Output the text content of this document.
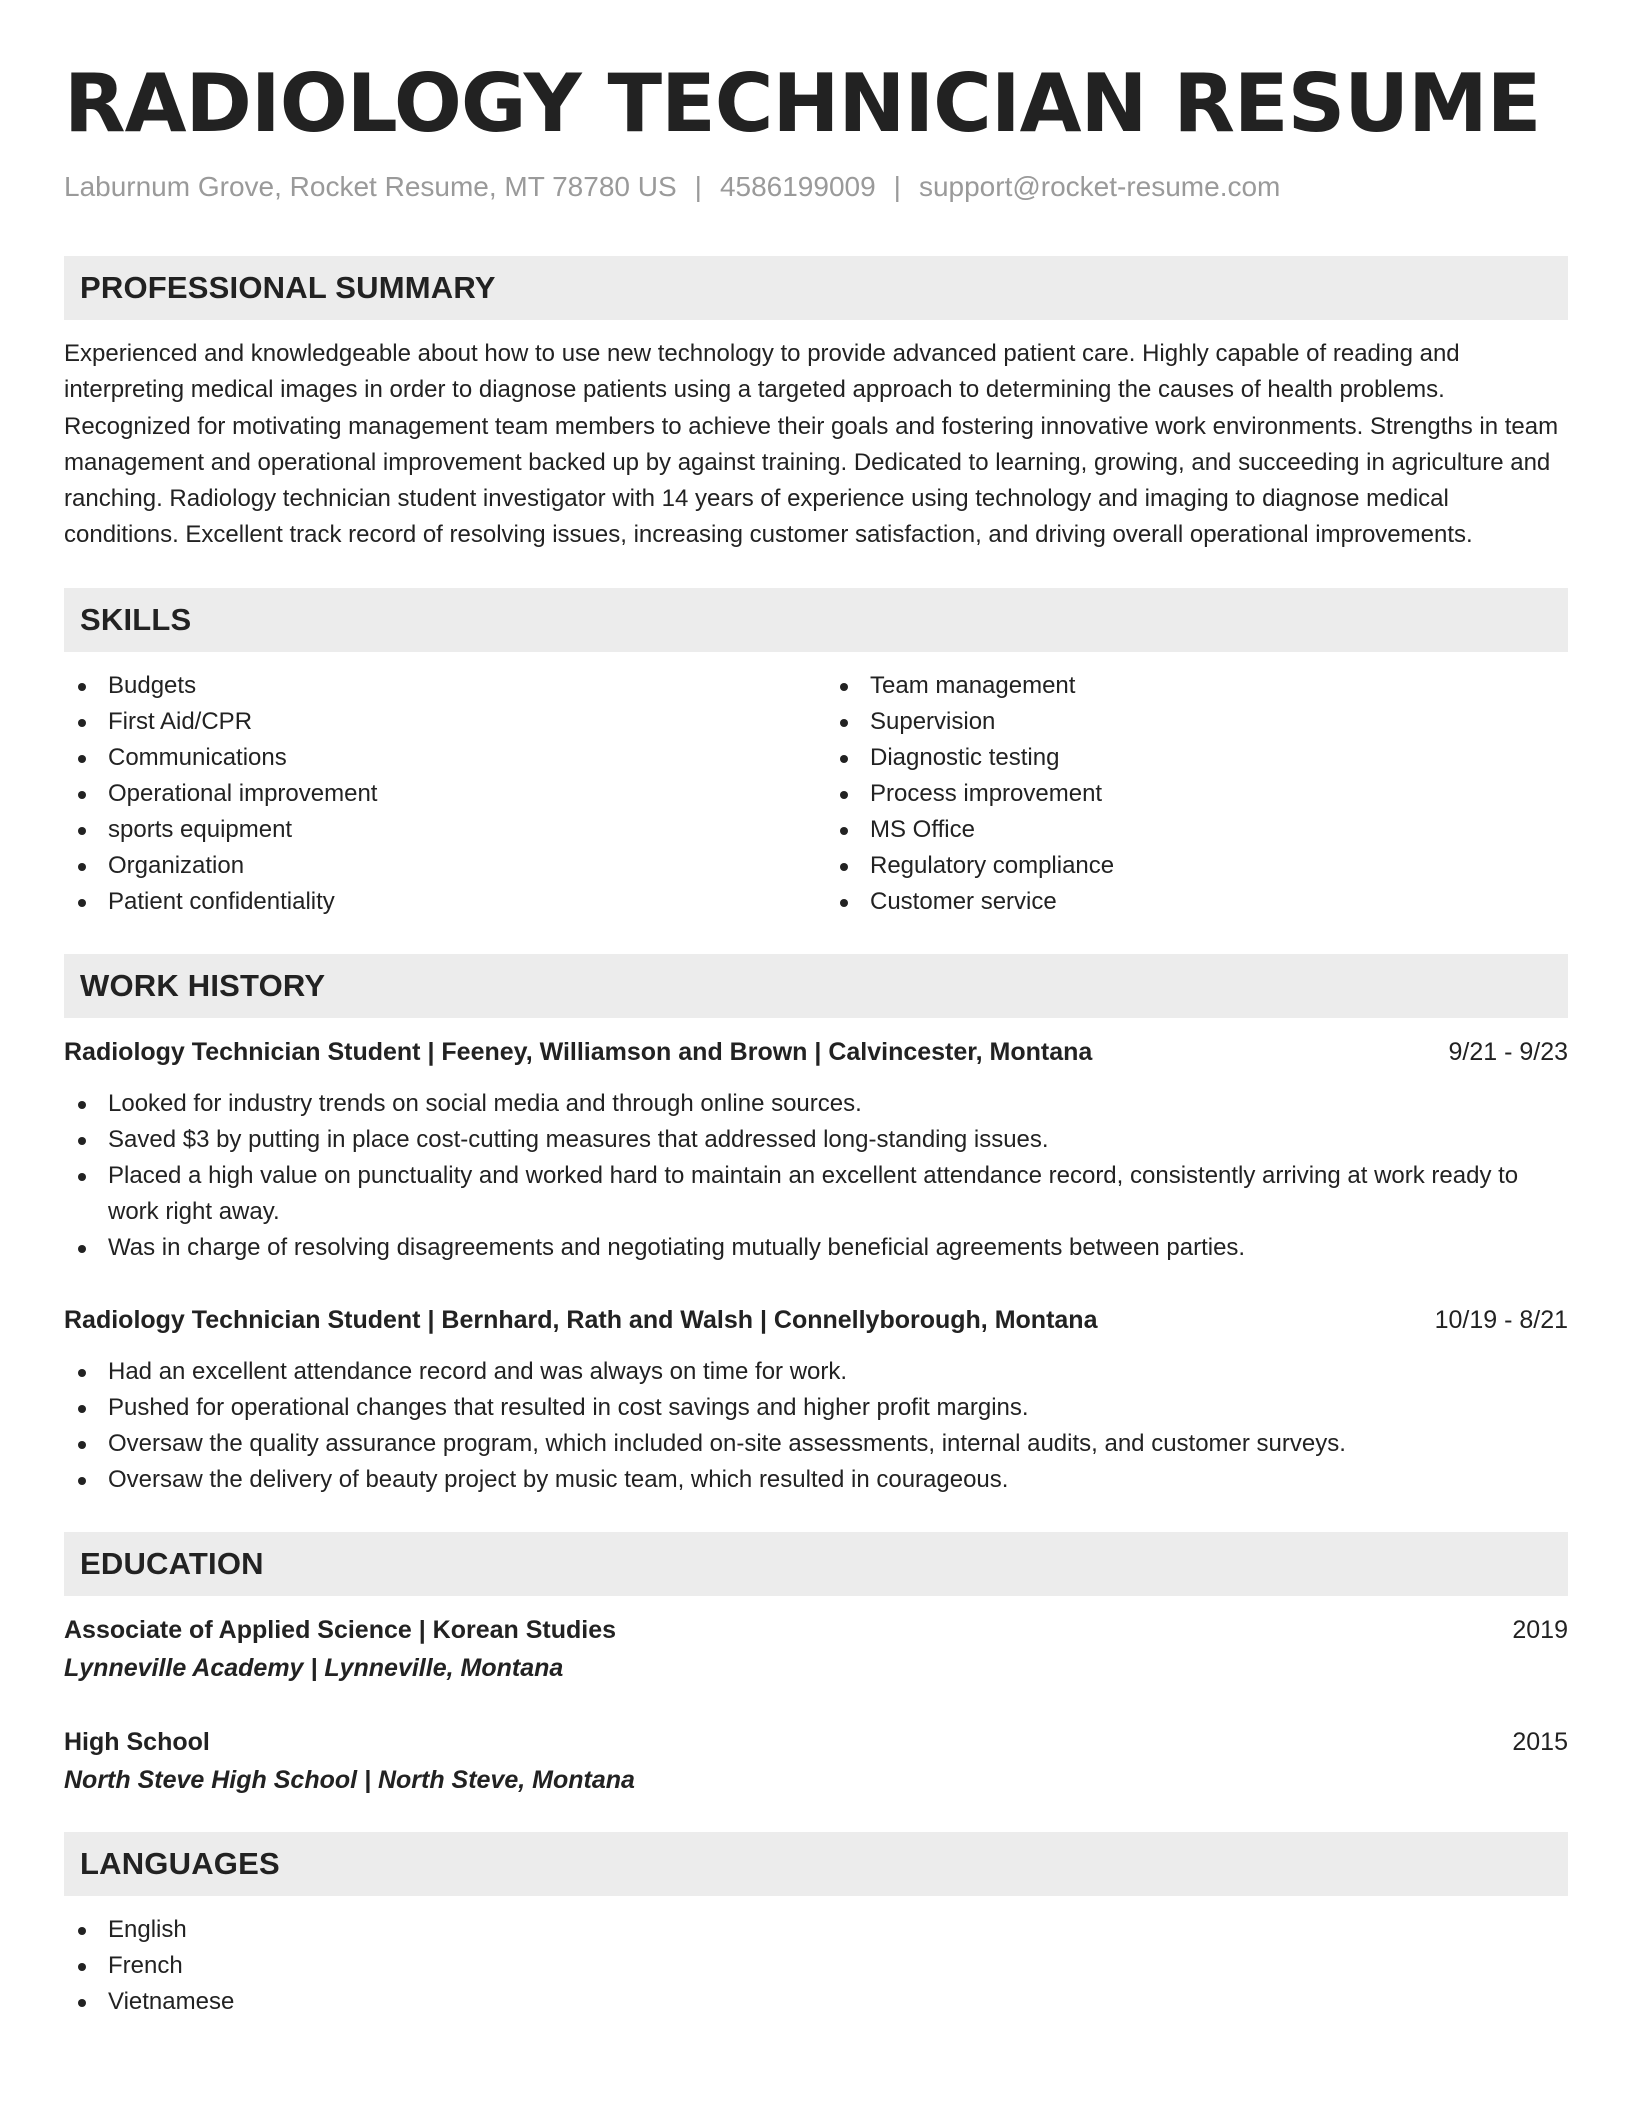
RADIOLOGY TECHNICIAN RESUME
Laburnum Grove, Rocket Resume, MT 78780 US | 4586199009 | support@rocket-resume.com
PROFESSIONAL SUMMARY

Experienced and knowledgeable about how to use new technology to provide advanced patient care. Highly capable of reading and interpreting medical images in order to diagnose patients using a targeted approach to determining the causes of health problems. Recognized for motivating management team members to achieve their goals and fostering innovative work environments. Strengths in team management and operational improvement backed up by against training. Dedicated to learning, growing, and succeeding in agriculture and ranching. Radiology technician student investigator with 14 years of experience using technology and imaging to diagnose medical conditions. Excellent track record of resolving issues, increasing customer satisfaction, and driving overall operational improvements.

SKILLS
Budgets
First Aid/CPR
Communications
Operational improvement
sports equipment
Organization
Patient confidentiality
Team management
Supervision
Diagnostic testing
Process improvement
MS Office
Regulatory compliance
Customer service
WORK HISTORY
Radiology Technician Student | Feeney, Williamson and Brown | Calvincester, Montana	9/21 - 9/23
Looked for industry trends on social media and through online sources.
Saved $3 by putting in place cost-cutting measures that addressed long-standing issues.
Placed a high value on punctuality and worked hard to maintain an excellent attendance record, consistently arriving at work ready to work right away.
Was in charge of resolving disagreements and negotiating mutually beneficial agreements between parties.
Radiology Technician Student | Bernhard, Rath and Walsh | Connellyborough, Montana	10/19 - 8/21
Had an excellent attendance record and was always on time for work.
Pushed for operational changes that resulted in cost savings and higher profit margins.
Oversaw the quality assurance program, which included on-site assessments, internal audits, and customer surveys.
Oversaw the delivery of beauty project by music team, which resulted in courageous.
EDUCATION
Associate of Applied Science | Korean Studies	2019
Lynneville Academy | Lynneville, Montana
High School	2015
North Steve High School | North Steve, Montana
LANGUAGES
English
French
Vietnamese
